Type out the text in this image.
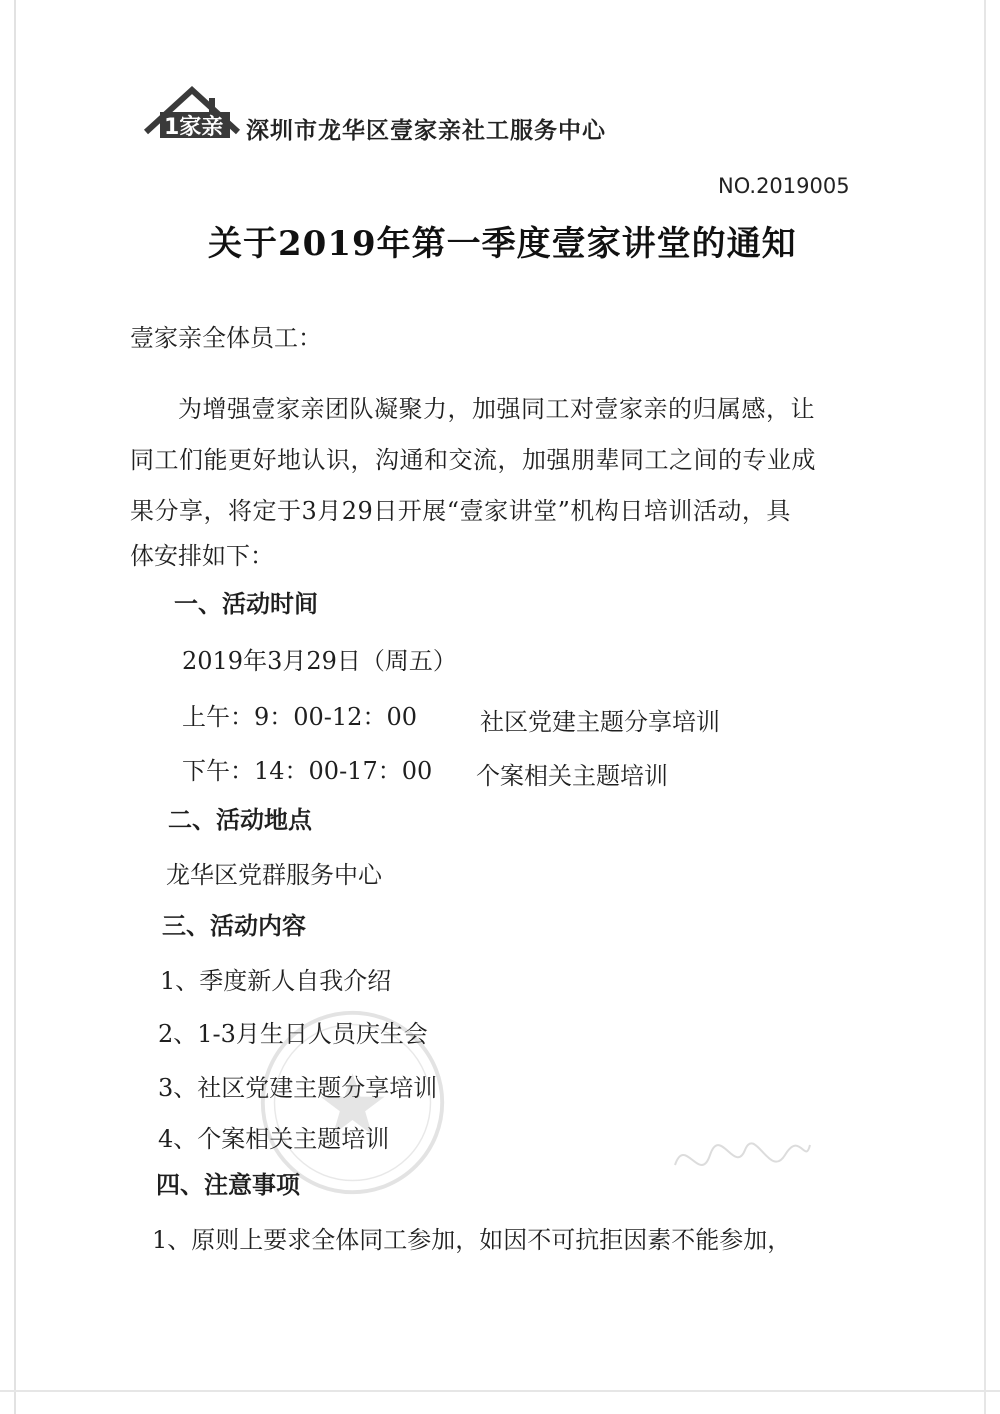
1家亲 深圳市龙华区壹家亲社工服务中心
NO.2019005
关于2019年第一季度壹家讲堂的通知
壹家亲全体员工：
为增强壹家亲团队凝聚力，加强同工对壹家亲的归属感，让
同工们能更好地认识，沟通和交流，加强朋辈同工之间的专业成
果分享，将定于3月29日开展“壹家讲堂”机构日培训活动，具
体安排如下：
一、活动时间
2019年3月29日（周五）
上午：9：00-12：00	社区党建主题分享培训
下午：14：00-17：00 个案相关主题培训
二、活动地点
龙华区党群服务中心
三、活动内容
1、季度新人自我介绍
2、1-3月生日人员庆生会
3、社区党建主题分享培训
4、个案相关主题培训
四、注意事项
1、原则上要求全体同工参加，如因不可抗拒因素不能参加，
